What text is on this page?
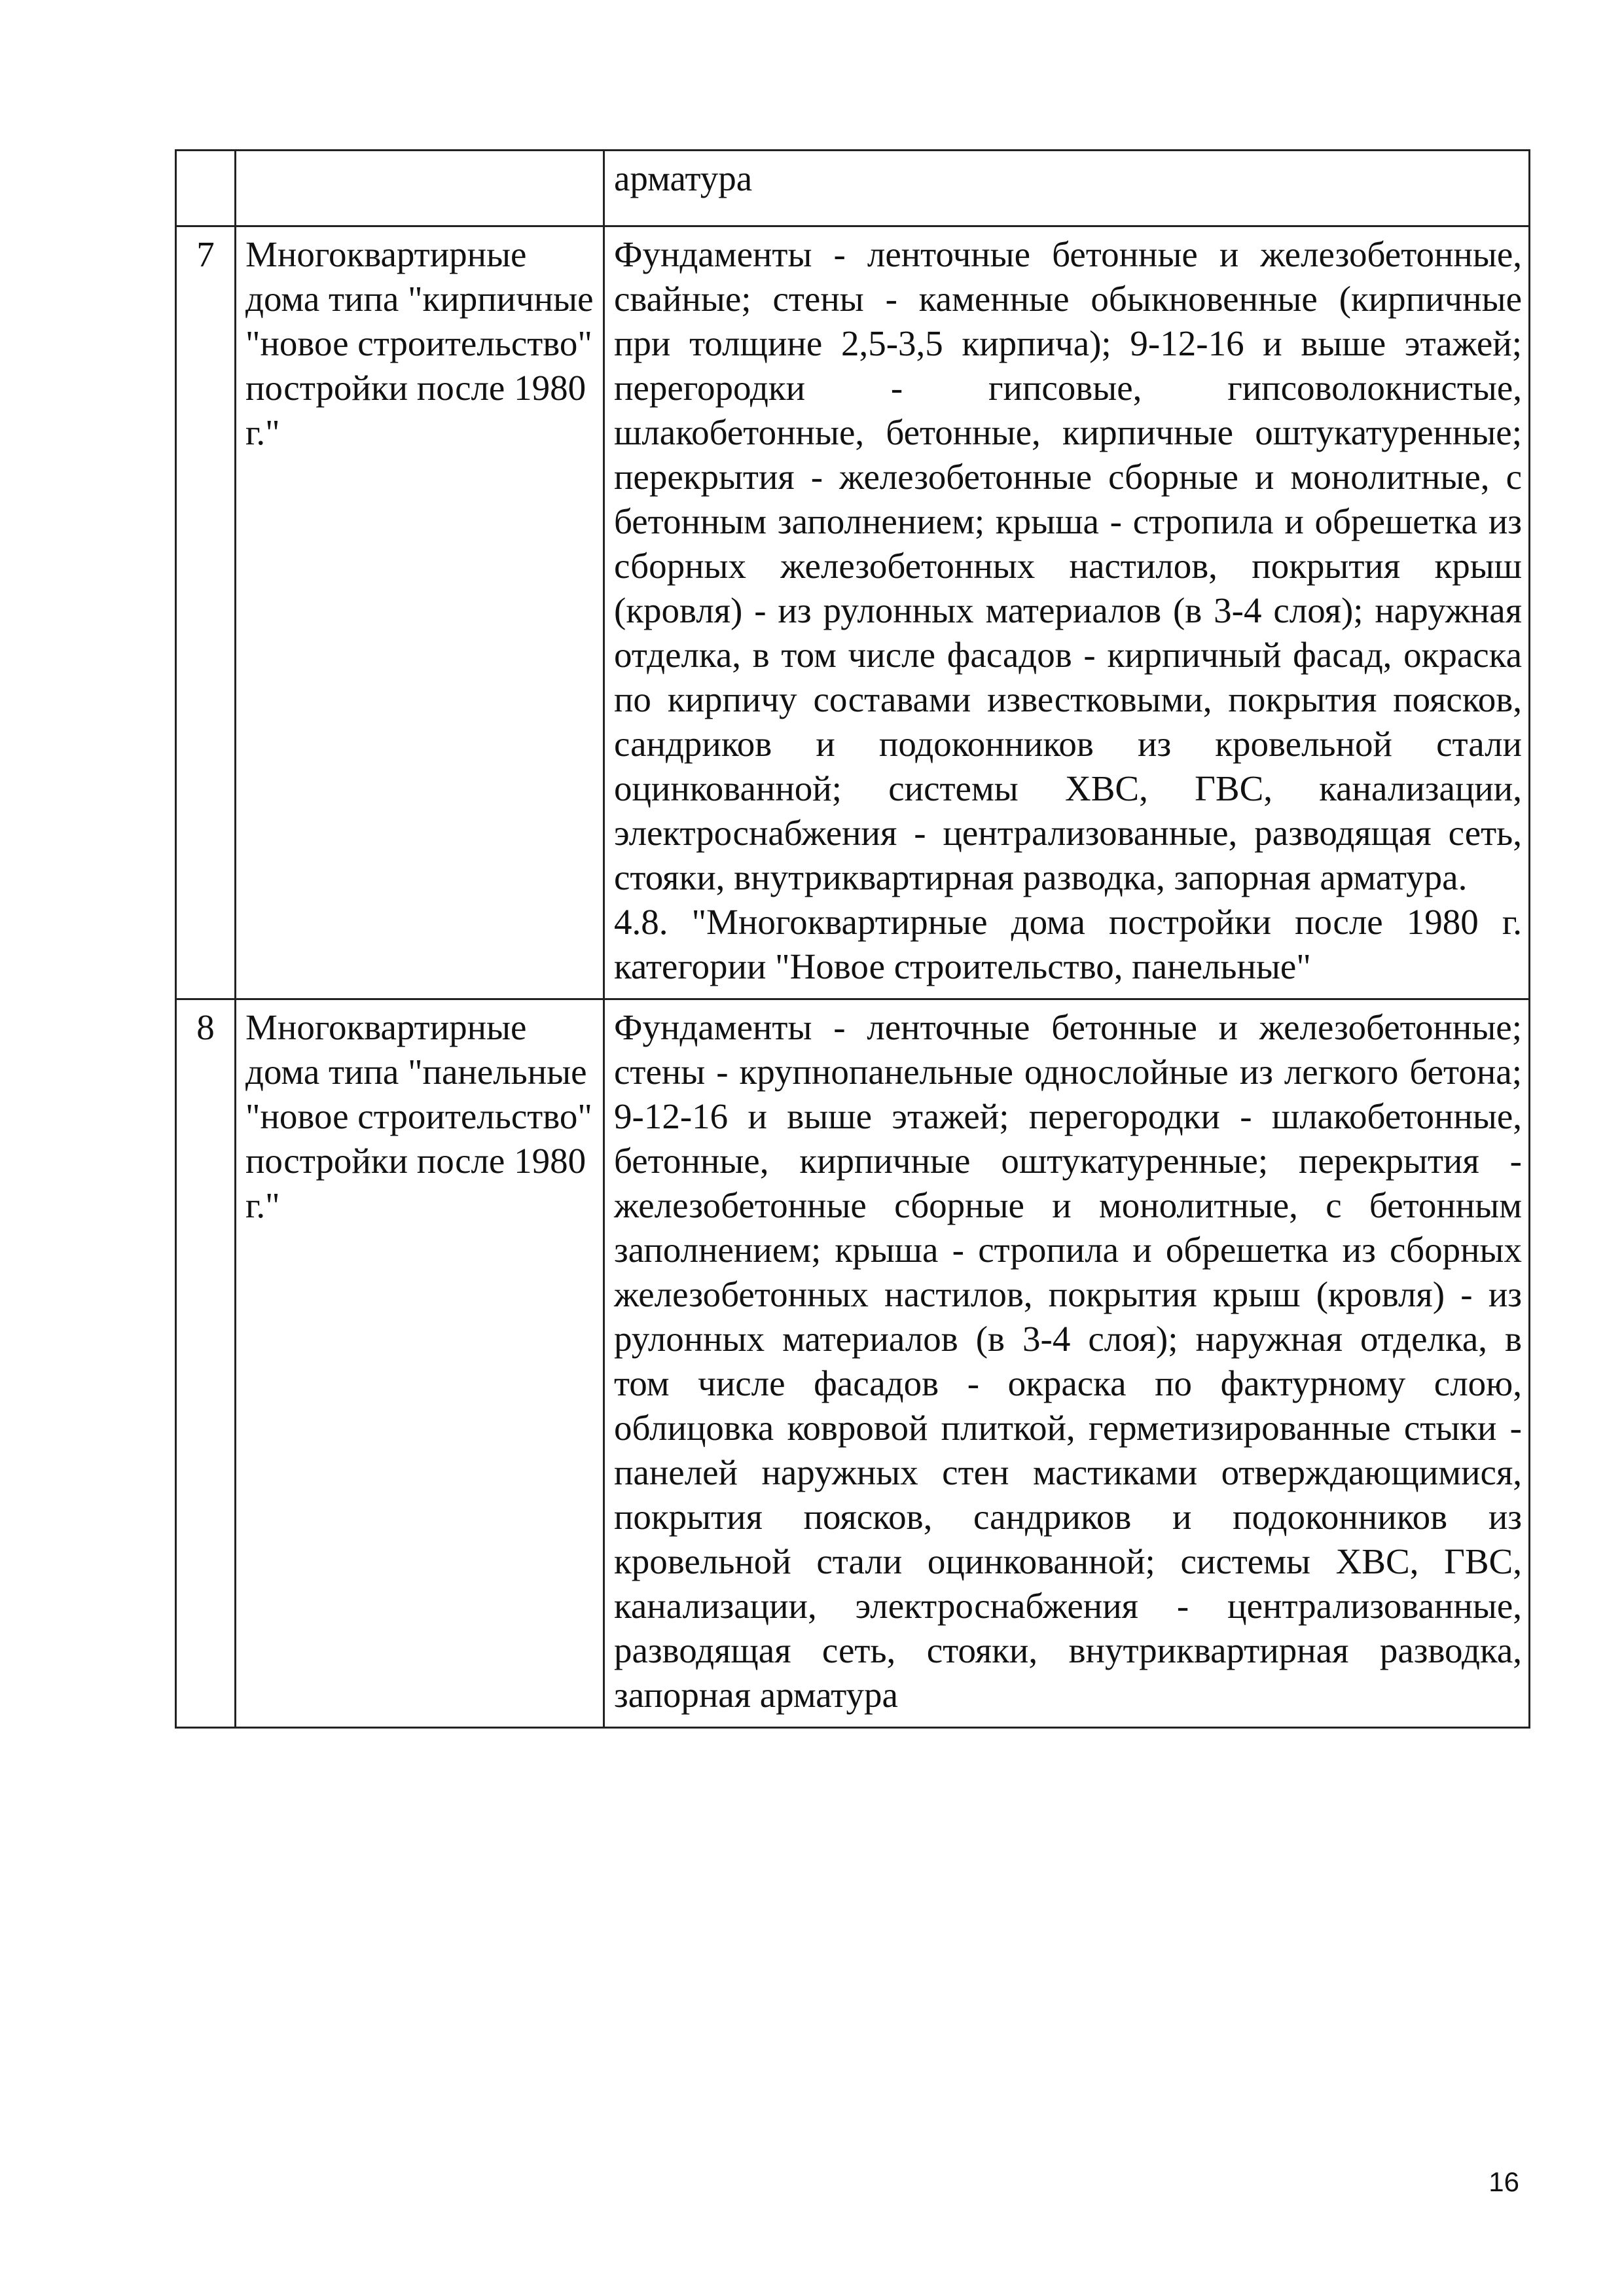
		арматура

7	Многоквартирные дома типа "кирпичные "новое строительство" постройки после 1980 г."	Фундаменты - ленточные бетонные и железобетонные, свайные; стены - каменные обыкновенные (кирпичные при толщине 2,5-3,5 кирпича); 9-12-16 и выше этажей; перегородки - гипсовые, гипсоволокнистые, шлакобетонные, бетонные, кирпичные оштукатуренные; перекрытия - железобетонные сборные и монолитные, с бетонным заполнением; крыша - стропила и обрешетка из сборных железобетонных настилов, покрытия крыш (кровля) - из рулонных материалов (в 3-4 слоя); наружная отделка, в том числе фасадов - кирпичный фасад, окраска по кирпичу составами известковыми, покрытия поясков, сандриков и подоконников из кровельной стали оцинкованной; системы ХВС, ГВС, канализации, электроснабжения - централизованные, разводящая сеть, стояки, внутриквартирная разводка, запорная арматура.
4.8. "Многоквартирные дома постройки после 1980 г. категории "Новое строительство, панельные"

8	Многоквартирные дома типа "панельные "новое строительство" постройки после 1980 г."	Фундаменты - ленточные бетонные и железобетонные; стены - крупнопанельные однослойные из легкого бетона; 9-12-16 и выше этажей; перегородки - шлакобетонные, бетонные, кирпичные оштукатуренные; перекрытия - железобетонные сборные и монолитные, с бетонным заполнением; крыша - стропила и обрешетка из сборных железобетонных настилов, покрытия крыш (кровля) - из рулонных материалов (в 3-4 слоя); наружная отделка, в том числе фасадов - окраска по фактурному слою, облицовка ковровой плиткой, герметизированные стыки - панелей наружных стен мастиками отверждающимися, покрытия поясков, сандриков и подоконников из кровельной стали оцинкованной; системы ХВС, ГВС, канализации, электроснабжения - централизованные, разводящая сеть, стояки, внутриквартирная разводка, запорная арматура
16
